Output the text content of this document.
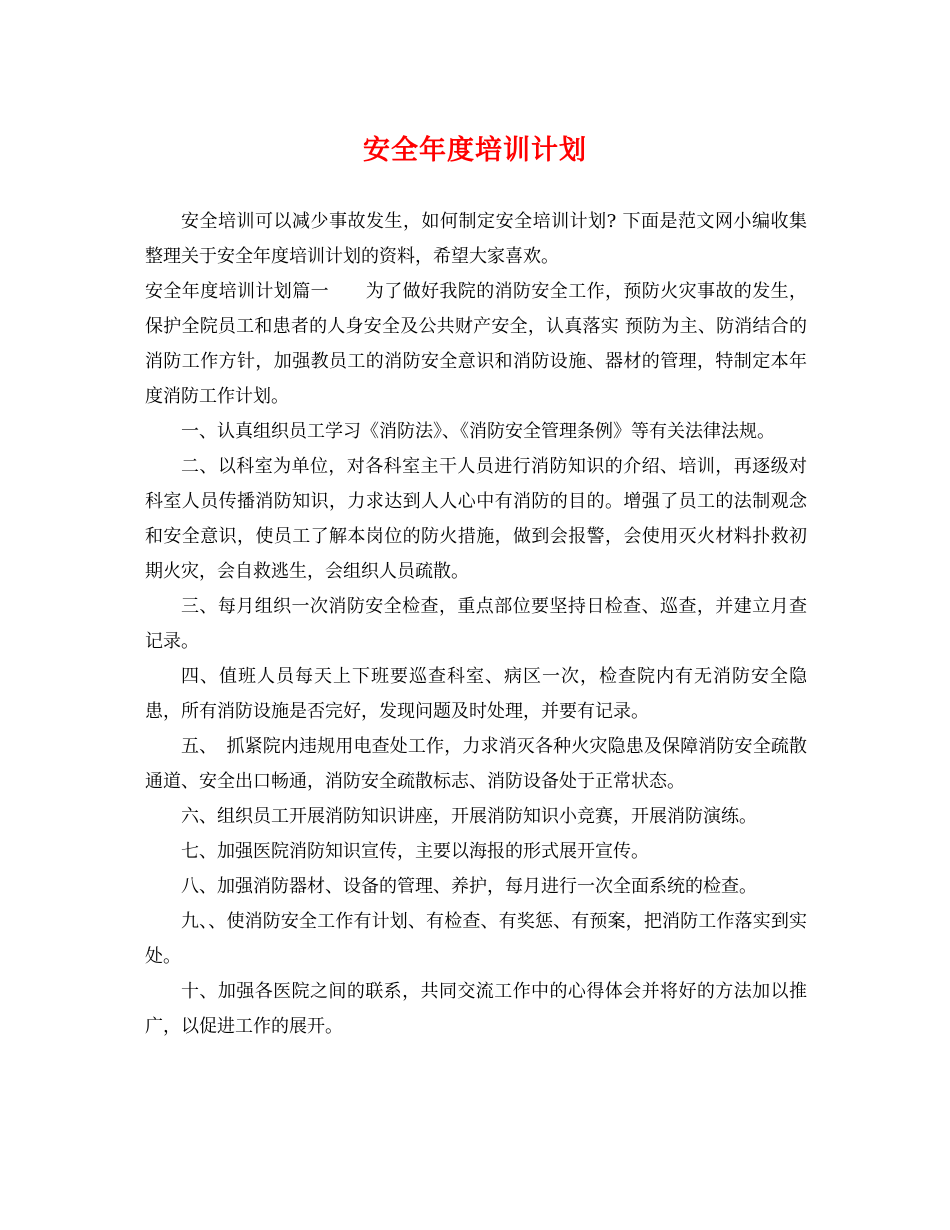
安全年度培训计划

安全培训可以减少事故发生，如何制定安全培训计划? 下面是范文网小编收集整理关于安全年度培训计划的资料，希望大家喜欢。

安全年度培训计划篇一　　为了做好我院的消防安全工作，预防火灾事故的发生，保护全院员工和患者的人身安全及公共财产安全，认真落实 预防为主、防消结合的消防工作方针，加强教员工的消防安全意识和消防设施、器材的管理，特制定本年度消防工作计划。

一、认真组织员工学习《消防法》、《消防安全管理条例》等有关法律法规。

二、以科室为单位，对各科室主干人员进行消防知识的介绍、培训，再逐级对科室人员传播消防知识，力求达到人人心中有消防的目的。增强了员工的法制观念和安全意识，使员工了解本岗位的防火措施，做到会报警，会使用灭火材料扑救初期火灾，会自救逃生，会组织人员疏散。

三、每月组织一次消防安全检查，重点部位要坚持日检查、巡查，并建立月查记录。

四、值班人员每天上下班要巡查科室、病区一次，检查院内有无消防安全隐患，所有消防设施是否完好，发现问题及时处理，并要有记录。

五、　抓紧院内违规用电查处工作，力求消灭各种火灾隐患及保障消防安全疏散通道、安全出口畅通，消防安全疏散标志、消防设备处于正常状态。

六、组织员工开展消防知识讲座，开展消防知识小竞赛，开展消防演练。

七、加强医院消防知识宣传，主要以海报的形式展开宣传。

八、加强消防器材、设备的管理、养护，每月进行一次全面系统的检查。

九、、使消防安全工作有计划、有检查、有奖惩、有预案，把消防工作落实到实处。

十、加强各医院之间的联系，共同交流工作中的心得体会并将好的方法加以推广，以促进工作的展开。
